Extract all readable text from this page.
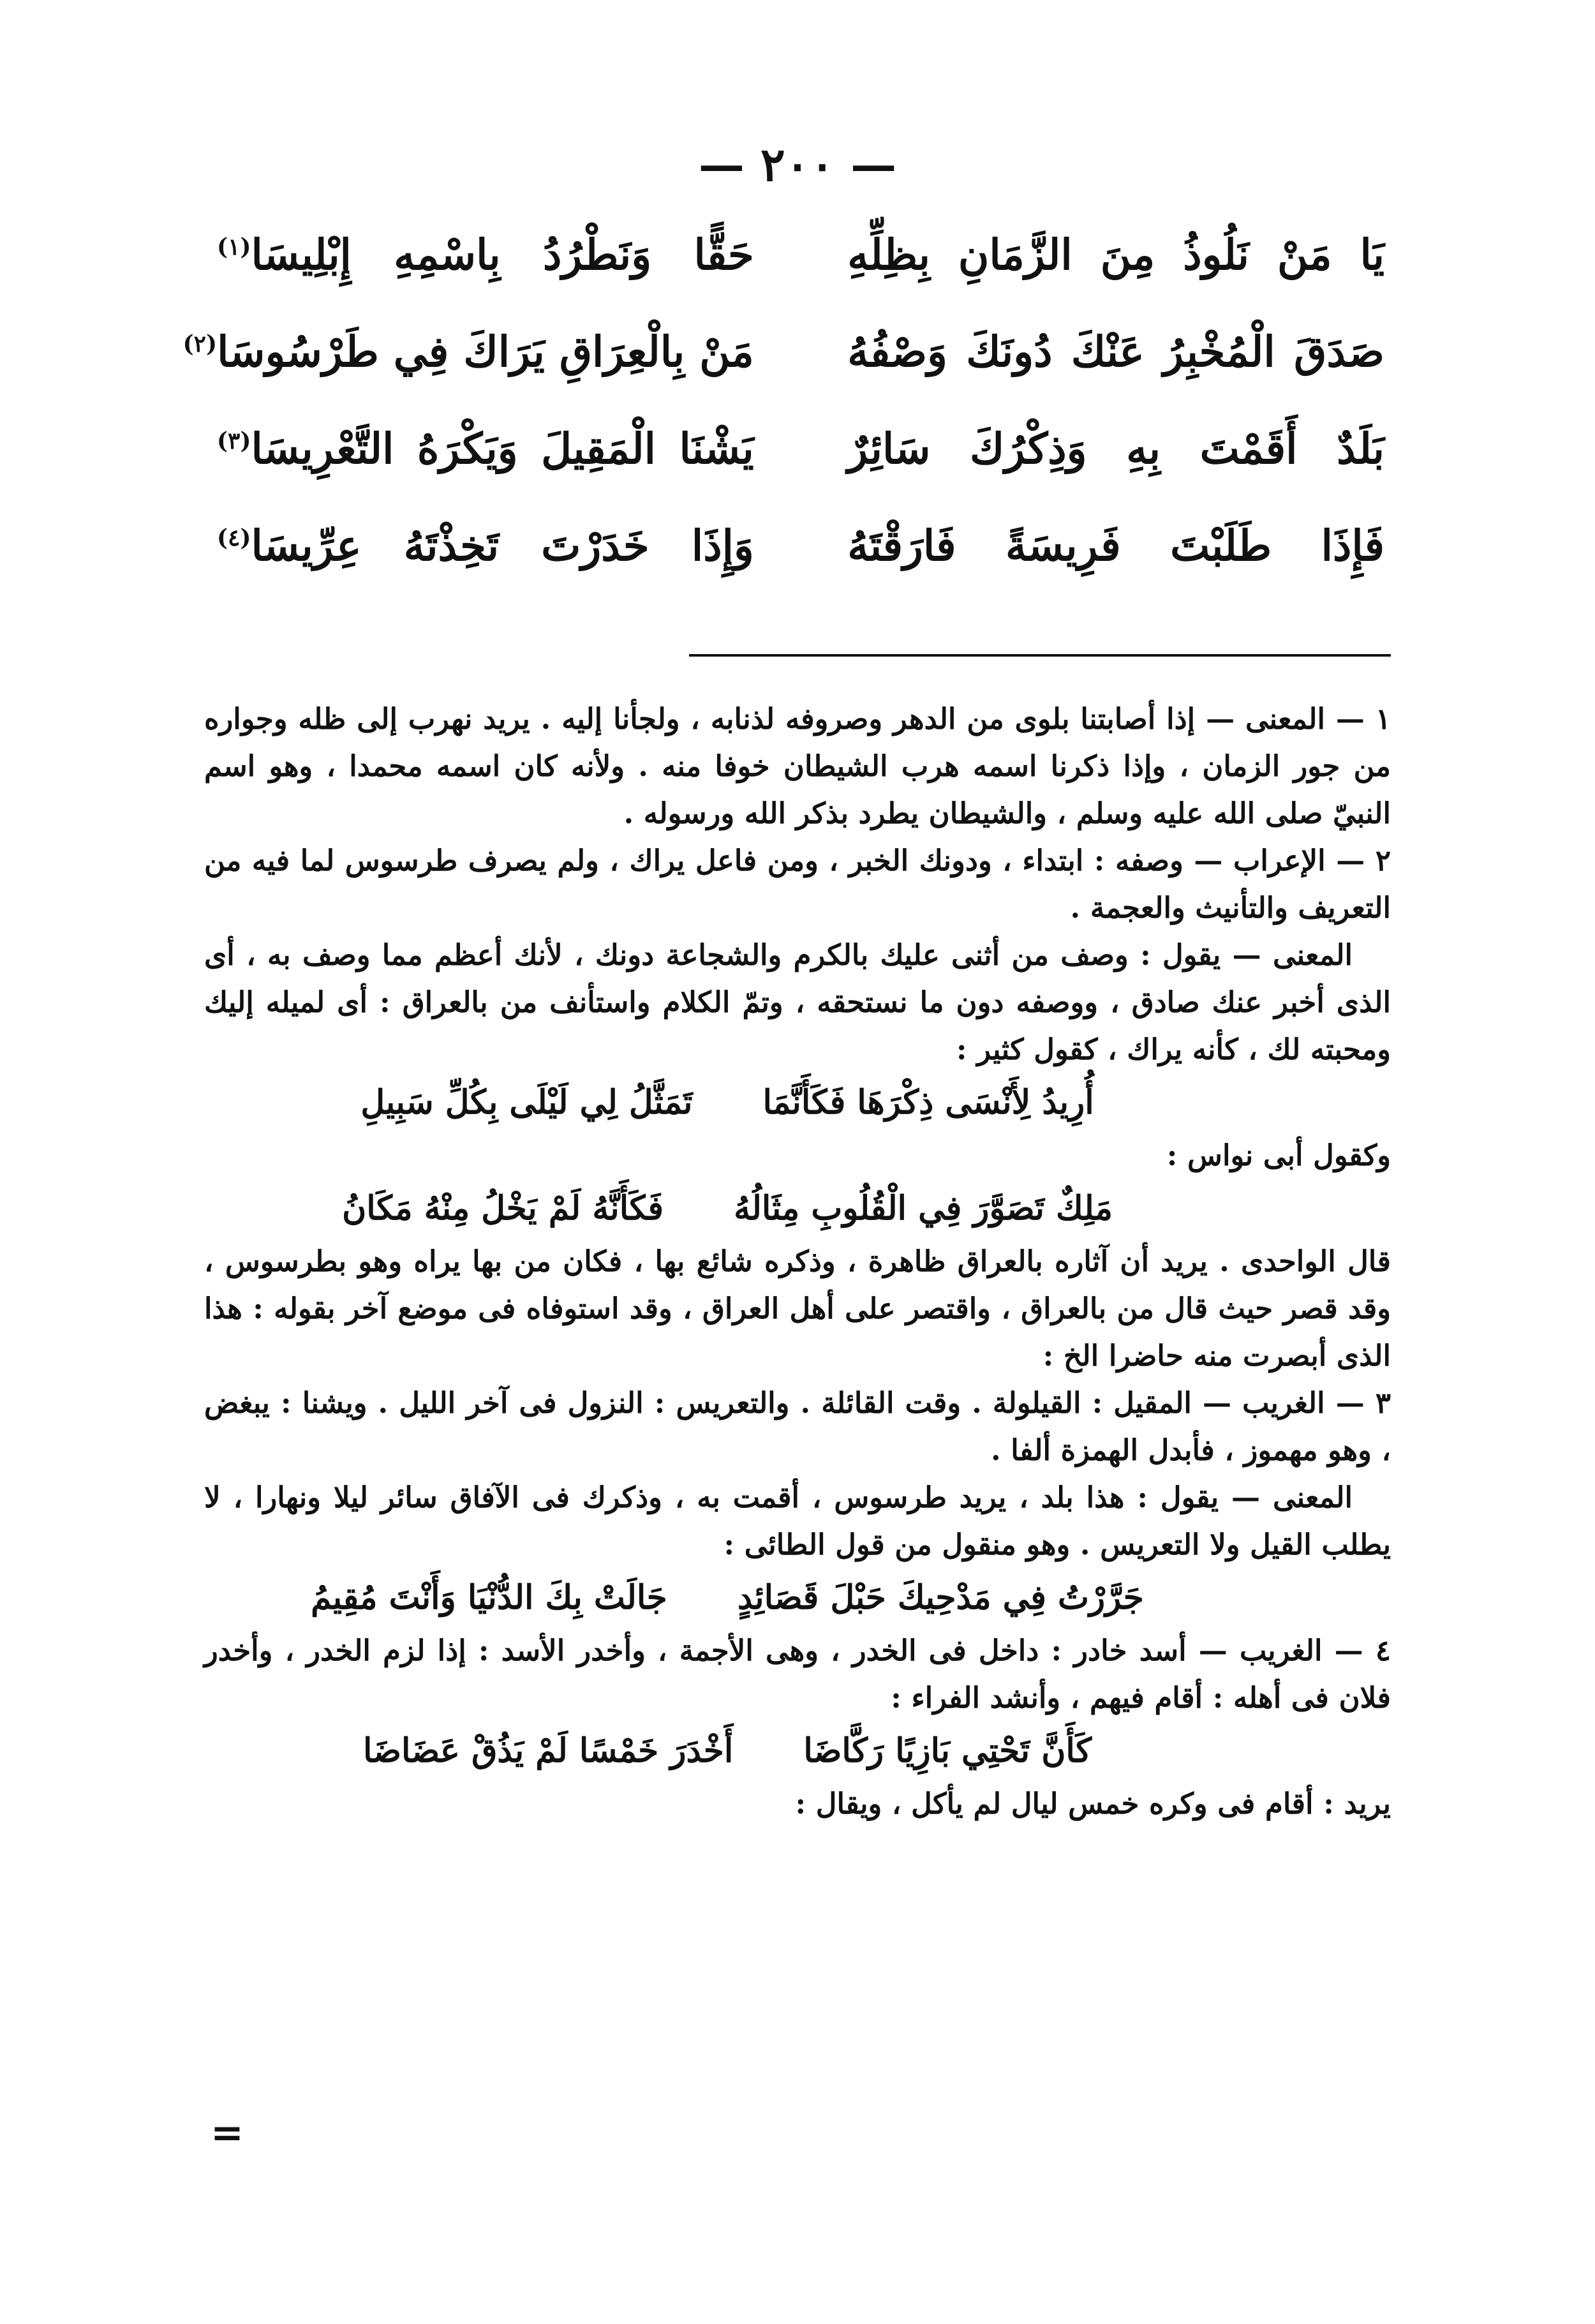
— ٢٠٠ —
يَا مَنْ نَلُوذُ مِنَ الزَّمَانِ بِظِلِّهِ
حَقًّا وَنَطْرُدُ بِاسْمِهِ إِبْلِيسَا$^{(١)}$
صَدَقَ الْمُخْبِرُ عَنْكَ دُونَكَ وَصْفُهُ
مَنْ بِالْعِرَاقِ يَرَاكَ فِي طَرْسُوسَا$^{(٢)}$
بَلَدٌ أَقَمْتَ بِهِ وَذِكْرُكَ سَائِرٌ
يَشْنَا الْمَقِيلَ وَيَكْرَهُ التَّعْرِيسَا$^{(٣)}$
فَإِذَا طَلَبْتَ فَرِيسَةً فَارَقْتَهُ
وَإِذَا خَدَرْتَ تَخِذْتَهُ عِرِّيسَا$^{(٤)}$

١ — المعنى — إذا أصابتنا بلوى من الدهر وصروفه لذنابه ، ولجأنا إليه . يريد نهرب إلى ظله وجواره من جور الزمان ، وإذا ذكرنا اسمه هرب الشيطان خوفا منه . ولأنه كان اسمه محمدا ، وهو اسم النبيّ صلى الله عليه وسلم ، والشيطان يطرد بذكر الله ورسوله .

٢ — الإعراب — وصفه : ابتداء ، ودونك الخبر ، ومن فاعل يراك ، ولم يصرف طرسوس لما فيه من التعريف والتأنيث والعجمة .

المعنى — يقول : وصف من أثنى عليك بالكرم والشجاعة دونك ، لأنك أعظم مما وصف به ، أى الذى أخبر عنك صادق ، ووصفه دون ما نستحقه ، وتمّ الكلام واستأنف من بالعراق : أى لميله إليك ومحبته لك ، كأنه يراك ، كقول كثير :

أُرِيدُ لِأَنْسَى ذِكْرَهَا فَكَأَنَّمَا
تَمَثَّلُ لِي لَيْلَى بِكُلِّ سَبِيلِ

وكقول أبى نواس :

مَلِكٌ تَصَوَّرَ فِي الْقُلُوبِ مِثَالُهُ
فَكَأَنَّهُ لَمْ يَخْلُ مِنْهُ مَكَانُ

قال الواحدى . يريد أن آثاره بالعراق ظاهرة ، وذكره شائع بها ، فكان من بها يراه وهو بطرسوس ، وقد قصر حيث قال من بالعراق ، واقتصر على أهل العراق ، وقد استوفاه فى موضع آخر بقوله : هذا الذى أبصرت منه حاضرا الخ :

٣ — الغريب — المقيل : القيلولة . وقت القائلة . والتعريس : النزول فى آخر الليل . ويشنا : يبغض ، وهو مهموز ، فأبدل الهمزة ألفا .

المعنى — يقول : هذا بلد ، يريد طرسوس ، أقمت به ، وذكرك فى الآفاق سائر ليلا ونهارا ، لا يطلب القيل ولا التعريس . وهو منقول من قول الطائى :

جَرَّرْتُ فِي مَدْحِيكَ حَبْلَ قَصَائِدٍ
جَالَتْ بِكَ الدُّنْيَا وَأَنْتَ مُقِيمُ

٤ — الغريب — أسد خادر : داخل فى الخدر ، وهى الأجمة ، وأخدر الأسد : إذا لزم الخدر ، وأخدر فلان فى أهله : أقام فيهم ، وأنشد الفراء :

كَأَنَّ تَحْتِي بَازِيًا رَكَّاضَا
أَخْدَرَ خَمْسًا لَمْ يَذُقْ عَضَاضَا

يريد : أقام فى وكره خمس ليال لم يأكل ، ويقال :

=
